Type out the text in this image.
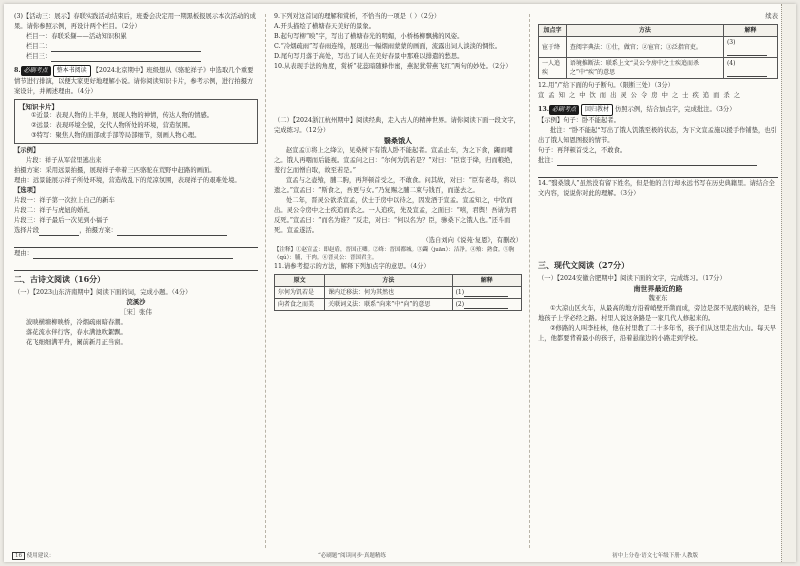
(3)【活动三：展示】春联实践活动结束后，班委会决定用一期黑板报展示本次活动的成果。请你参照示例，再设计两个栏目。（2分）

栏目一：春联采撷——活动知识积累

栏目二：

栏目三：

8. 必刷考点 整本书阅读 【2024北京期中】班级想从《骆驼祥子》中选取几个重要情节进行排演，以便大家更好地理解小说。请你阅读知识卡片，参考示例，进行拍摄方案设计，并阐述理由。（4分）

【知识卡片】

①近景：表现人物的上半身，展现人物的神情，传达人物的情感。

②远景：表现环境全貌，交代人物所处的环境，营造氛围。

③特写：聚焦人物的面部或手部等局部细节，刻画人物心理。

【示例】

片段：祥子从军营里逃出来

拍摄方案：采用远景拍摄，展现祥子牵着三匹骆驼在荒野中赶路的画面。

理由：远景能展示祥子所处环境，营造战乱下的荒凉氛围，表现祥子的艰难处境。

【选项】

片段一：祥子第一次拉上自己的新车

片段二：祥子与虎妞的婚礼

片段三：祥子最后一次见到小福子

选择片段	，拍摄方案：

理由：

二、古诗文阅读（16分）

（一）【2023山东济南期中】阅读下面的词，完成小题。（4分）

浣溪沙

［宋］张伟

波映横塘柳映桥，冷烟疏雨暗春潮。

落花流水伴行客，春水满池吹絮飘。

花飞细细满平舟，阑前新月正当窗。

16 使用建议：

9.下列对这首词的理解和赏析，不恰当的一项是（ ）（2分）

A.开头描绘了横塘春天美好的景象。

B.起句写柳“映”字，写出了横塘春光的明媚，小桥杨柳飘拂的风姿。

C.“冷烟疏雨”写春雨连绵，展现出一幅烟雨蒙蒙的画面，流露出词人淡淡的惆怅。

D.尾句写月落于高处，写出了词人在美好春景中那难以排遣的愁思。

10.从表现手法的角度，赏析“花蕊暗随蜂作蜜，燕泥犹带燕飞红”两句的妙处。（2分）

（二）【2024浙江杭州期中】阅读经典，走入古人的精神世界。请你阅读下面一段文字，完成练习。（12分）

翳桑饿人

赵宣孟①将上之绛②，见桑树下有饿人卧不能起者。宣孟止车，为之下食，蠲而哺之。饿人再咽而后能视。宣孟问之曰：“尔何为饥若是？”对曰：“臣宦于绛，归而粮绝，羞行乞而憎自取，故至若是。”

宣孟与之壶飧，脯二朐，再拜顿首受之，不敢食。问其故，对曰：“臣有老母，将以遗之。”宣孟曰：“斯食之，吾更与女。”乃复赐之脯二束与钱百，而遂去之。

处二年，晋灵公欲杀宣孟，伏士于房中以待之，因发酒于宣孟。宣孟知之，中饮而出。灵公令房中之士疾追而杀之。一人追疾，先及宣孟，之面曰：“嘻，君舆！吾请为君反死。”宣孟曰：“而名为谁？”反走，对曰：“何以名为？臣，骖桑下之饿人也。”还斗而死。宣孟遂活。

（选自刘向《说苑·复恩》，有删改）

【注释】①赵宣孟：即赵盾，晋国正卿。②绛：晋国都城。③蠲（juān）：洁净。④飧：熟食。⑤朐（qú）：脯，干肉。⑥晋灵公：晋国君主。

11.请参考提示的方法，解释下列加点字的意思。（4分）

原文	方法	解释
尔何为饥若是	课内迁移法：何为其然也	(1)
向者食之而美	关联词义法：联系“向来”中“向”的意思	(2)
“必刷题”阅读同步·真题精练

续表

加点字	方法	解释
宦于绛	查阅字典法：①仕，做官；②宦官；③泛指官吏。	(3)
一人追疾	语境推断法：联系上文“灵公令房中之士疾追而杀之”中“疾”的意思	(4)

12.用“/”给下面的句子断句。（限断三处）（3分）

宣 孟 知 之 中 饮 而 出 灵 公 令 房 中 之 士 疾 追 而 杀 之

13. 必刷考点 回归教材 仿照示例，结合加点字，完成批注。（3分）

【示例】句子：卧不能起者。

批注：“卧不能起”写出了饿人饥饿至极的状态，为下文宣孟施以援手作铺垫，也引出了饿人知恩图报的情节。

句子：再拜顿首受之，不敢食。

批注：

14.“翳桑饿人”虽然没有留下姓名，但是他的言行却永远书写在历史典籍里。请结合全文内容，说说你对此的理解。（3分）

三、现代文阅读（27分）

（一）【2024安徽合肥期中】阅读下面的文字，完成练习。（17分）

南世界最近的路

魏亚东

①大凉山区火车，从最高的地方沿着峭壁开凿而成，旁边是深不见底的峡谷，是当地孩子上学必经之路。村里人说这条路是一家几代人修起来的。

②修路的人叫李桂林，他在村里教了二十多年书，孩子们从这里走出大山。每天早上，他都要背着最小的孩子，沿着悬崖边的小路走到学校。

初中上分卷·语文七年级下册·人教版
